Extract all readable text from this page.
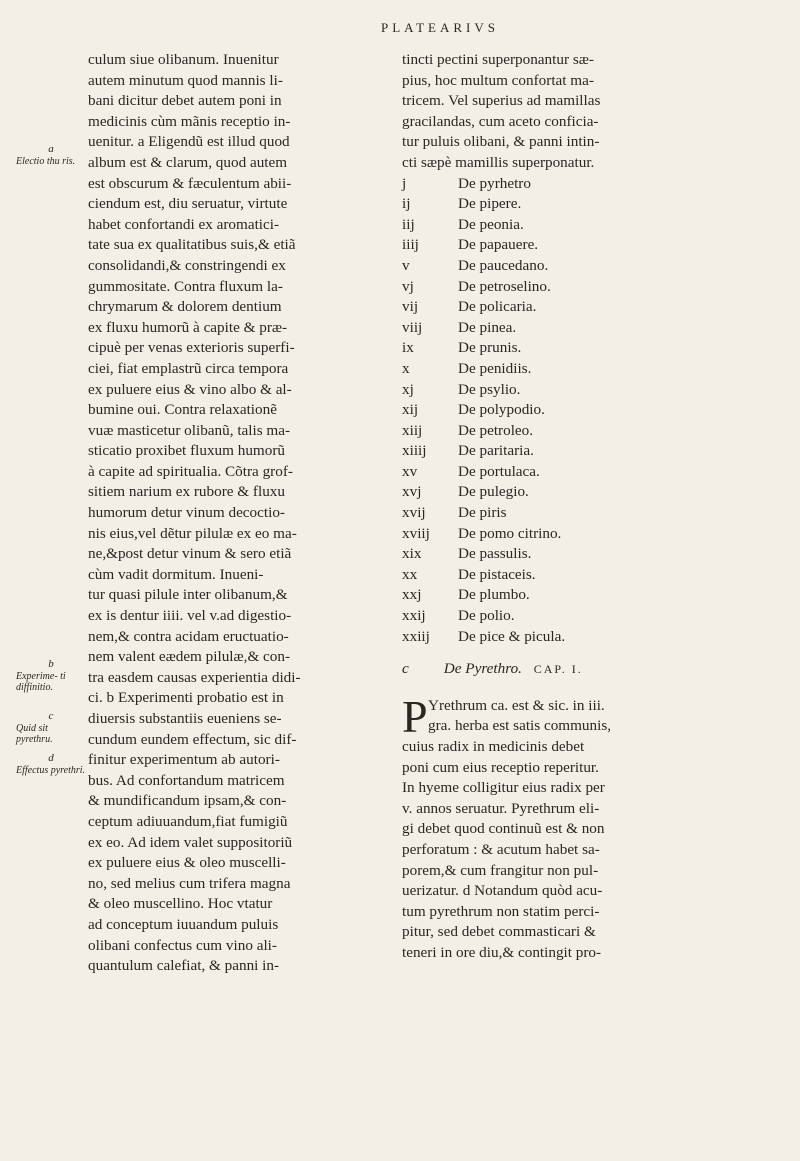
PLATEARIVS
a
Electio thu ris.
b
Experime- ti diffinitio.
c
Quid sit pyrethru.
d
Effectus pyrethri.
culum siue olibanum. Inuenitur
autem minutum quod mannis li-
bani dicitur debet autem poni in
medicinis cùm mãnis receptio in-
uenitur. a Eligendũ est illud quod
album est & clarum, quod autem
est obscurum & fæculentum abii-
ciendum est, diu seruatur, virtute
habet confortandi ex aromatici-
tate sua ex qualitatibus suis,& etiã
consolidandi,& constringendi ex
gummositate. Contra fluxum la-
chrymarum & dolorem dentium
ex fluxu humorũ à capite & præ-
cipuè per venas exterioris superfi-
ciei, fiat emplastrũ circa tempora
ex puluere eius & vino albo & al-
bumine oui. Contra relaxationẽ
vuæ masticetur olibanũ, talis ma-
sticatio proxibet fluxum humorũ
à capite ad spiritualia. Cõtra grof-
sitiem narium ex rubore & fluxu
humorum detur vinum decoctio-
nis eius,vel dẽtur pilulæ ex eo ma-
ne,&post detur vinum & sero etiã
cùm vadit dormitum. Inueni-
tur quasi pilule inter olibanum,&
ex is dentur iiii. vel v.ad digestio-
nem,& contra acidam eructuatio-
nem valent eædem pilulæ,& con-
tra easdem causas experientia didi-
ci. b Experimenti probatio est in
diuersis substantiis eueniens se-
cundum eundem effectum, sic dif-
finitur experimentum ab autori-
bus. Ad confortandum matricem
& mundificandum ipsam,& con-
ceptum adiuuandum,fiat fumigiũ
ex eo. Ad idem valet suppositoriũ
ex puluere eius & oleo muscelli-
no, sed melius cum trifera magna
& oleo muscellino. Hoc vtatur
ad conceptum iuuandum puluis
olibani confectus cum vino ali-
quantulum calefiat, & panni in-
tincti pectini superponantur sæ-
pius, hoc multum confortat ma-
tricem. Vel superius ad mamillas
gracilandas, cum aceto conficia-
tur puluis olibani, & panni intin-
cti sæpè mamillis superponatur.
j	De pyrhetro
ij	De pipere.
iij	De peonia.
iiij	De papauere.
v	De paucedano.
vj	De petroselino.
vij	De policaria.
viij	De pinea.
ix	De prunis.
x	De penidiis.
xj	De psylio.
xij	De polypodio.
xiij	De petroleo.
xiiij	De paritaria.
xv	De portulaca.
xvj	De pulegio.
xvij	De piris
xviij	De pomo citrino.
xix	De passulis.
xx	De pistaceis.
xxj	De plumbo.
xxij	De polio.
xxiij	De pice & picula.
c De Pyrethro. CAP. I.
P Yrethrum ca. est & sic. in iii.
gra. herba est satis communis,
cuius radix in medicinis debet
poni cum eius receptio reperitur.
In hyeme colligitur eius radix per
v. annos seruatur. Pyrethrum eli-
gi debet quod continuũ est & non
perforatum : & acutum habet sa-
porem,& cum frangitur non pul-
uerizatur. d Notandum quòd acu-
tum pyrethrum non statim perci-
pitur, sed debet commasticari &
teneri in ore diu,& contingit pro-
